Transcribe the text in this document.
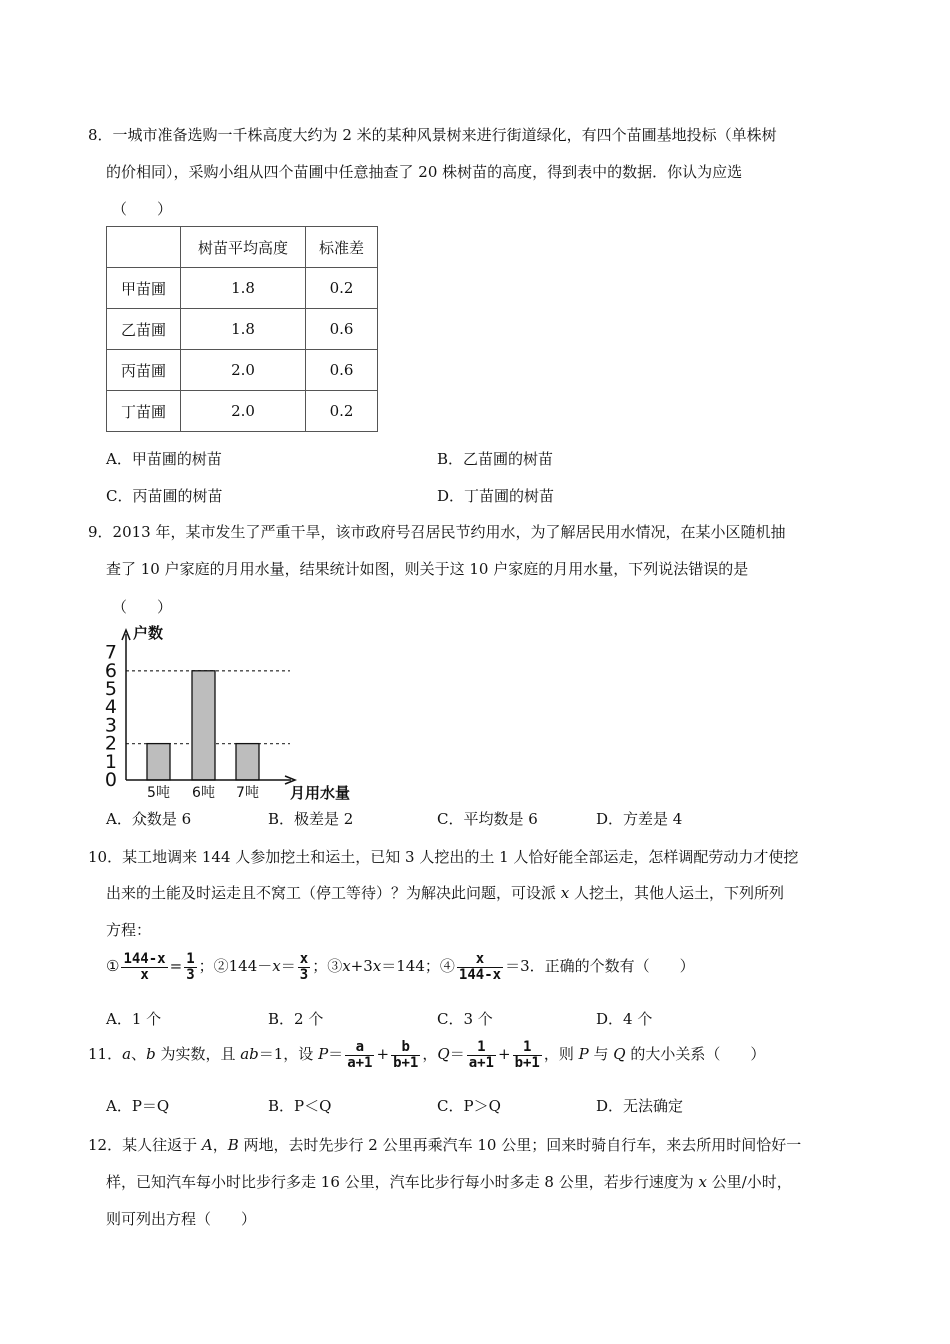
8．一城市准备选购一千株高度大约为 2 米的某种风景树来进行街道绿化，有四个苗圃基地投标（单株树
的价相同），采购小组从四个苗圃中任意抽查了 20 株树苗的高度，得到表中的数据．你认为应选
（　　）
	树苗平均高度	标准差
甲苗圃	1.8	0.2
乙苗圃	1.8	0.6
丙苗圃	2.0	0.6
丁苗圃	2.0	0.2
A．甲苗圃的树苗	B．乙苗圃的树苗
C．丙苗圃的树苗	D．丁苗圃的树苗
9．2013 年，某市发生了严重干旱，该市政府号召居民节约用水，为了解居民用水情况，在某小区随机抽
查了 10 户家庭的月用水量，结果统计如图，则关于这 10 户家庭的月用水量，下列说法错误的是
（　　）
0
1
2
3
4
5
6
7
户数
5吨 6吨 7吨 月用水量
A．众数是 6	B．极差是 2	C．平均数是 6	D．方差是 4
10．某工地调来 144 人参加挖土和运土，已知 3 人挖出的土 1 人恰好能全部运走，怎样调配劳动力才使挖
出来的土能及时运走且不窝工（停工等待）？为解决此问题，可设派 x 人挖土，其他人运土，下列所列
方程：
① $\frac{144-x}{x} = \frac{1}{3}$ ；②144－x＝ $\frac{x}{3}$ ；③x+3x＝144；④ $\frac{x}{144-x} =3$．正确的个数有（　　）
A．1 个	B．2 个	C．3 个	D．4 个
11．a、b 为实数，且 ab＝1，设 $P= \frac{a}{a+1} + \frac{b}{b+1}$ ，$Q= \frac{1}{a+1} + \frac{1}{b+1}$ ，则 P 与 Q 的大小关系（　　）
A．P＝Q	B．P＜Q	C．P＞Q	D．无法确定
12．某人往返于 A，B 两地，去时先步行 2 公里再乘汽车 10 公里；回来时骑自行车，来去所用时间恰好一
样，已知汽车每小时比步行多走 16 公里，汽车比步行每小时多走 8 公里，若步行速度为 x 公里/小时，
则可列出方程（　　）
